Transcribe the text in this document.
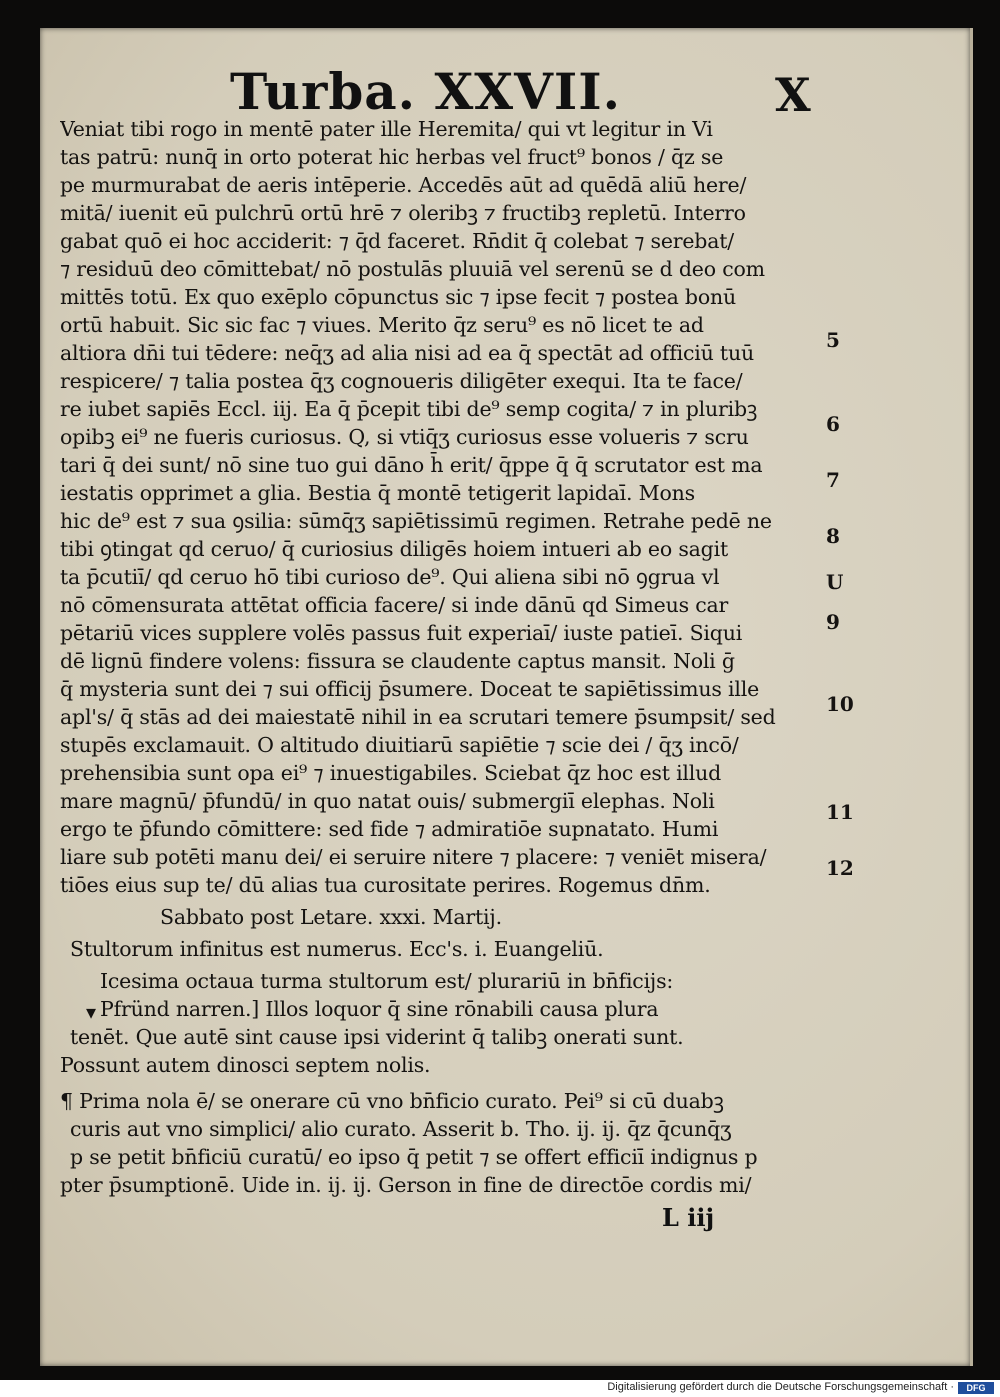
Turba. XXVII.	X
Veniat tibi rogo in mentē pater ille Heremita/ qui vt legitur in Vi
tas patrū: nunq̄ in orto poterat hic herbas vel fruct⁹ bonos / q̄z se
pe murmurabat de aeris intēperie. Accedēs aūt ad quēdā aliū here/
mitā/ iuenit eū pulchrū ortū hrē ⁊ oleribꝫ ⁊ fructibꝫ repletū. Interro
gabat quō ei hoc acciderit: ⁊ q̄d faceret. Rn̄dit q̄ colebat ⁊ serebat/
⁊ residuū deo cōmittebat/ nō postulās pluuiā vel serenū se d deo com
mittēs totū. Ex quo exēplo cōpunctus sic ⁊ ipse fecit ⁊ postea bonū
ortū habuit. Sic sic fac ⁊ viues. Merito q̄z seru⁹ es nō licet te ad
altiora dn̄i tui tēdere: neq̄ʒ ad alia nisi ad ea q̄ spectāt ad officiū tuū
respicere/ ⁊ talia postea q̄ʒ cognoueris diligēter exequi. Ita te face/
re iubet sapiēs Eccl. iij. Ea q̄ p̄cepit tibi de⁹ semp cogita/ ⁊ in pluribꝫ
opibꝫ ei⁹ ne fueris curiosus. Q, si vtiq̄ʒ curiosus esse volueris ⁊ scru
tari q̄ dei sunt/ nō sine tuo gui dāno h̄ erit/ q̄ppe q̄ q̄ scrutator est ma
iestatis opprimet a glia. Bestia q̄ montē tetigerit lapidaī. Mons
hic de⁹ est ⁊ sua ꝯsilia: sūmq̄ʒ sapiētissimū regimen. Retrahe pedē ne
tibi ꝯtingat qd ceruo/ q̄ curiosius diligēs hoiem intueri ab eo sagit
ta p̄cutiī/ qd ceruo hō tibi curioso de⁹. Qui aliena sibi nō ꝯgrua vl
nō cōmensurata attētat officia facere/ si inde dānū qd Simeus car
pētariū vices supplere volēs passus fuit experiaī/ iuste patieī. Siqui
dē lignū findere volens: fissura se claudente captus mansit. Noli ḡ
q̄ mysteria sunt dei ⁊ sui officij p̄sumere. Doceat te sapiētissimus ille
apl's/ q̄ stās ad dei maiestatē nihil in ea scrutari temere p̄sumpsit/ sed
stupēs exclamauit. O altitudo diuitiarū sapiētie ⁊ scie dei / q̄ʒ incō/
prehensibia sunt opa ei⁹ ⁊ inuestigabiles. Sciebat q̄z hoc est illud
mare magnū/ p̄fundū/ in quo natat ouis/ submergiī elephas. Noli
ergo te p̄fundo cōmittere: sed fide ⁊ admiratiōe supnatato. Humi
liare sub potēti manu dei/ ei seruire nitere ⁊ placere: ⁊ veniēt misera/
tiōes eius sup te/ dū alias tua curositate perires. Rogemus dn̄m.
Sabbato post Letare. xxxi. Martij.
Stultorum infinitus est numerus. Ecc's. i. Euangeliū.
Icesima octaua turma stultorum est/ plurariū in bn̄ficijs:
Pfründ narren.] Illos loquor q̄ sine rōnabili causa plura
tenēt. Que autē sint cause ipsi viderint q̄ talibꝫ onerati sunt.
Possunt autem dinosci septem nolis.
¶ Prima nola ē/ se onerare cū vno bn̄ficio curato. Pei⁹ si cū duabꝫ
curis aut vno simplici/ alio curato. Asserit b. Tho. ij. ij. q̄z q̄cunq̄ʒ
p se petit bn̄ficiū curatū/ eo ipso q̄ petit ⁊ se offert efficiī indignus p
pter p̄sumptionē. Uide in. ij. ij. Gerson in fine de directōe cordis mi/
▾
5
6
7
8
U
9
10
11
12
L iij
Digitalisierung gefördert durch die Deutsche Forschungsgemeinschaft ·	DFG
